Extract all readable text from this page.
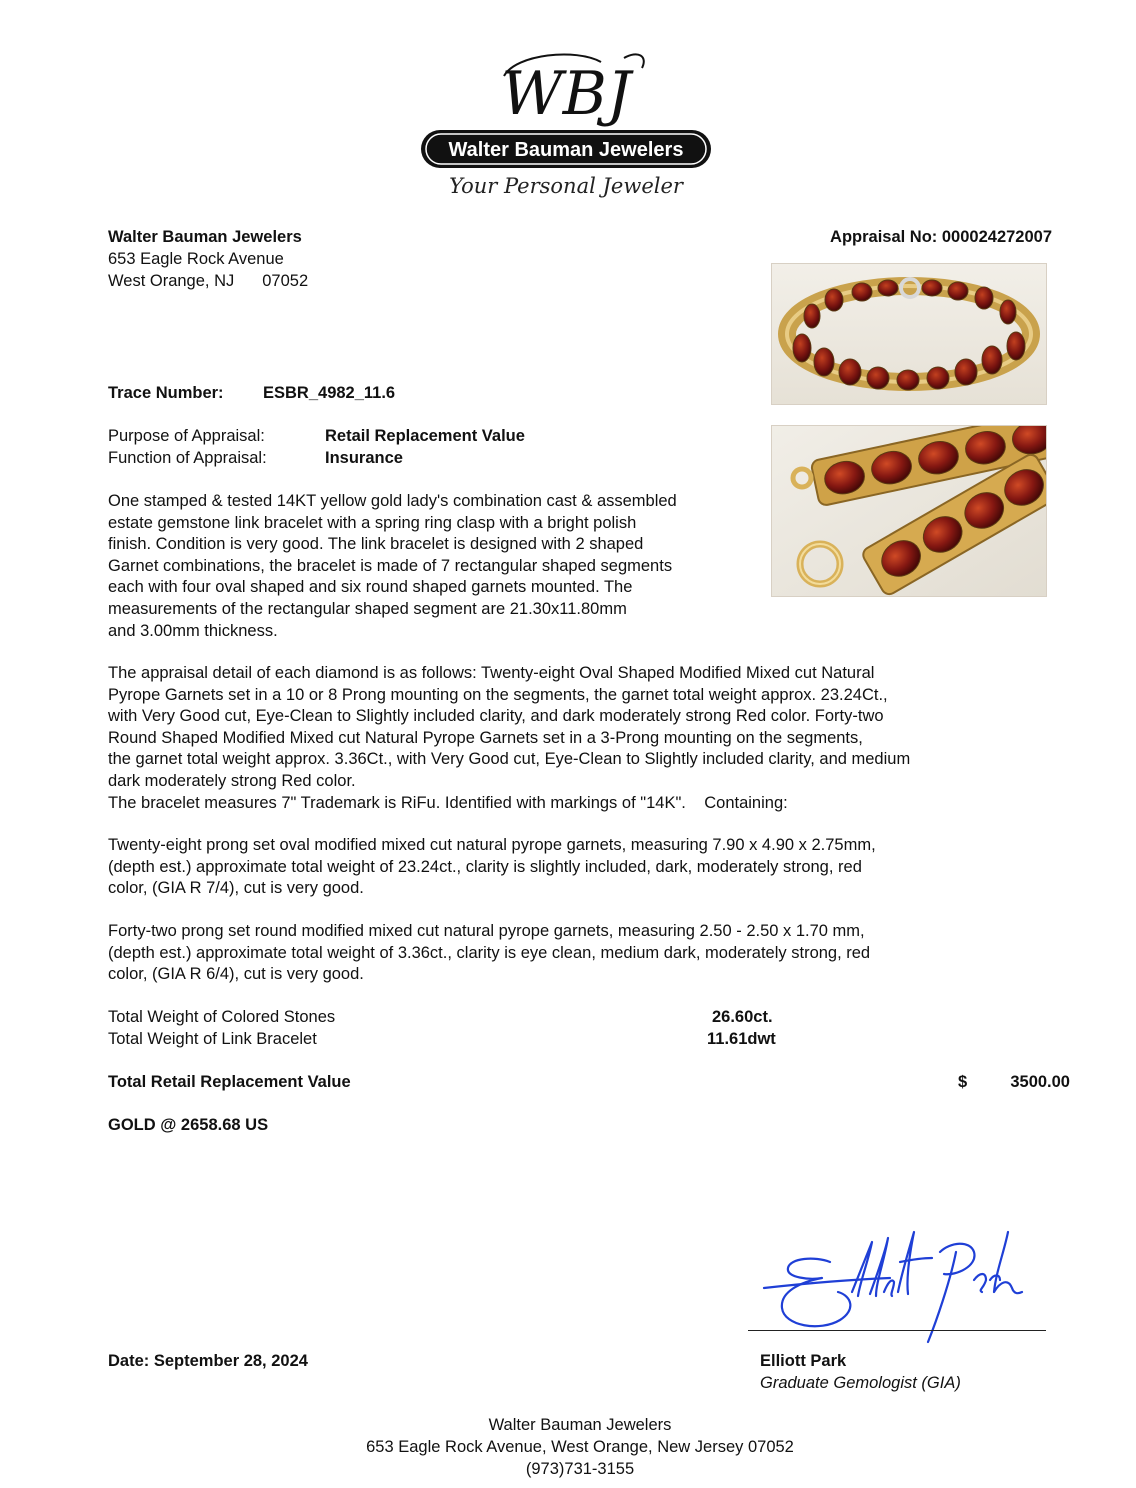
WBJ
Walter Bauman Jewelers
Your Personal Jeweler
Walter Bauman Jewelers
653 Eagle Rock Avenue
West Orange, NJ 07052
Appraisal No: 000024272007
Trace Number: ESBR_4982_11.6
Purpose of Appraisal:	Retail Replacement Value
Function of Appraisal:	Insurance
One stamped & tested 14KT yellow gold lady's combination cast & assembled
estate gemstone link bracelet with a spring ring clasp with a bright polish
finish. Condition is very good. The link bracelet is designed with 2 shaped
Garnet combinations, the bracelet is made of 7 rectangular shaped segments
each with four oval shaped and six round shaped garnets mounted. The
measurements of the rectangular shaped segment are 21.30x11.80mm
and 3.00mm thickness.
The appraisal detail of each diamond is as follows: Twenty-eight Oval Shaped Modified Mixed cut Natural
Pyrope Garnets set in a 10 or 8 Prong mounting on the segments, the garnet total weight approx. 23.24Ct.,
with Very Good cut, Eye-Clean to Slightly included clarity, and dark moderately strong Red color. Forty-two
Round Shaped Modified Mixed cut Natural Pyrope Garnets set in a 3-Prong mounting on the segments,
the garnet total weight approx. 3.36Ct., with Very Good cut, Eye-Clean to Slightly included clarity, and medium
dark moderately strong Red color.
The bracelet measures 7" Trademark is RiFu. Identified with markings of "14K".    Containing:
Twenty-eight prong set oval modified mixed cut natural pyrope garnets, measuring 7.90 x 4.90 x 2.75mm,
(depth est.) approximate total weight of 23.24ct., clarity is slightly included, dark, moderately strong, red
color, (GIA R 7/4), cut is very good.
Forty-two prong set round modified mixed cut natural pyrope garnets, measuring 2.50 - 2.50 x 1.70 mm,
(depth est.) approximate total weight of 3.36ct., clarity is eye clean, medium dark, moderately strong, red
color, (GIA R 6/4), cut is very good.
Total Weight of Colored Stones	26.60ct.
Total Weight of Link Bracelet	11.61dwt
Total Retail Replacement Value	$	3500.00
GOLD @ 2658.68 US
Date: September 28, 2024	Elliott Park
Graduate Gemologist (GIA)
Walter Bauman Jewelers
653 Eagle Rock Avenue, West Orange, New Jersey 07052
(973)731-3155
